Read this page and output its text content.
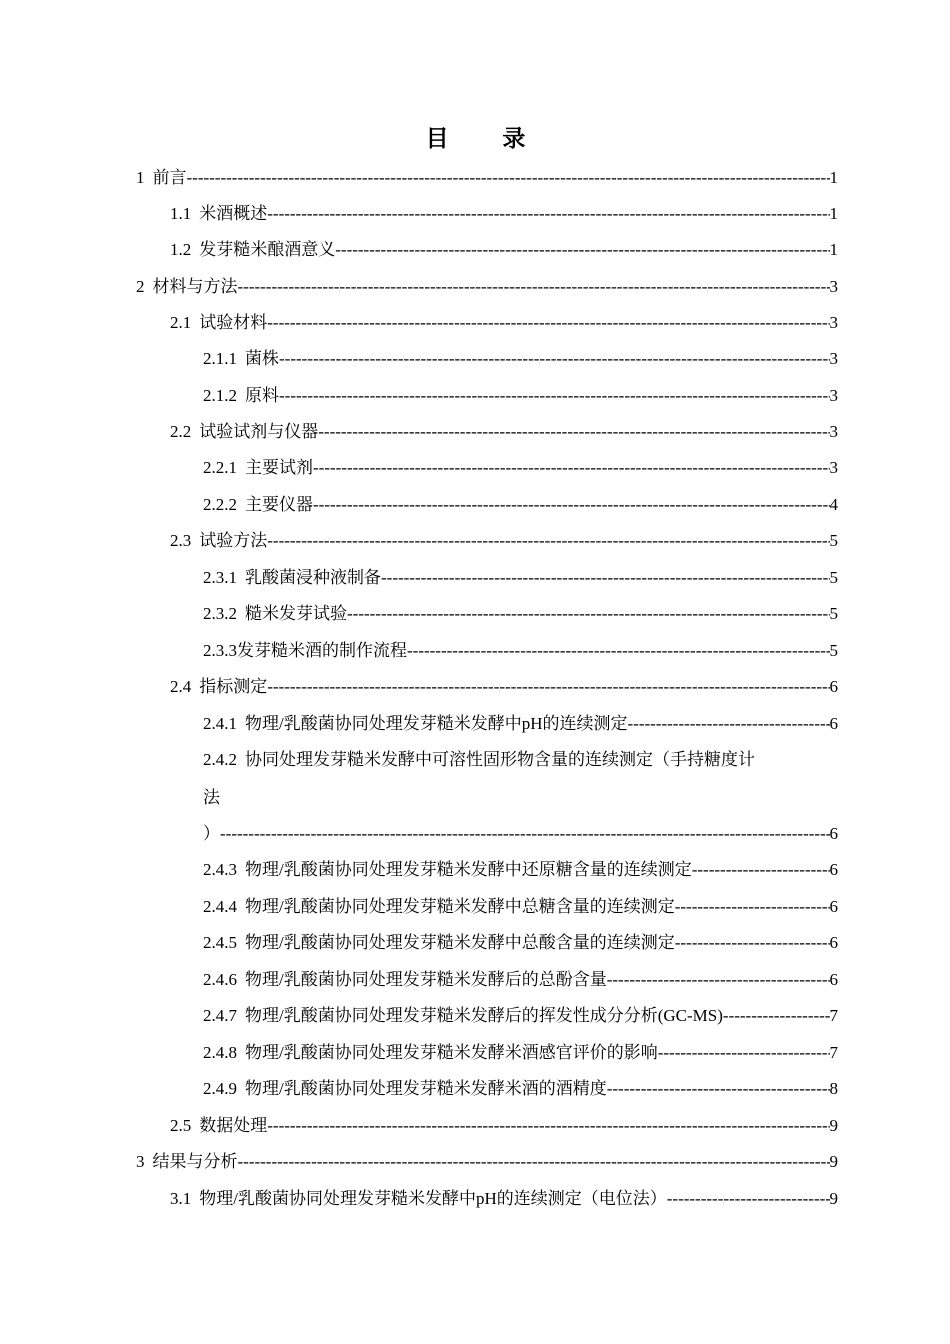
目 录
1 前言 -----	1
1.1 米酒概述 -----	1
1.2 发芽糙米酿酒意义 -----	1
2 材料与方法 -----	3
2.1 试验材料 -----	3
2.1.1 菌株 -----	3
2.1.2 原料 -----	3
2.2 试验试剂与仪器 -----	3
2.2.1 主要试剂 -----	3
2.2.2 主要仪器 -----	4
2.3 试验方法 -----	5
2.3.1 乳酸菌浸种液制备 -----	5
2.3.2 糙米发芽试验 -----	5
2.3.3 发芽糙米酒的制作流程 -----	5
2.4 指标测定 -----	6
2.4.1 物理/乳酸菌协同处理发芽糙米发酵中pH的连续测定 -----	6
2.4.2 协同处理发芽糙米发酵中可溶性固形物含量的连续测定（手持糖度计
法
） -----	6
2.4.3 物理/乳酸菌协同处理发芽糙米发酵中还原糖含量的连续测定 -----	6
2.4.4 物理/乳酸菌协同处理发芽糙米发酵中总糖含量的连续测定 -----	6
2.4.5 物理/乳酸菌协同处理发芽糙米发酵中总酸含量的连续测定 -----	6
2.4.6 物理/乳酸菌协同处理发芽糙米发酵后的总酚含量 -----	6
2.4.7 物理/乳酸菌协同处理发芽糙米发酵后的挥发性成分分析(GC-MS) -----	7
2.4.8 物理/乳酸菌协同处理发芽糙米发酵米酒感官评价的影响 -----	7
2.4.9 物理/乳酸菌协同处理发芽糙米发酵米酒的酒精度 -----	8
2.5 数据处理 -----	9
3 结果与分析 -----	9
3.1 物理/乳酸菌协同处理发芽糙米发酵中pH的连续测定（电位法） -----	9
